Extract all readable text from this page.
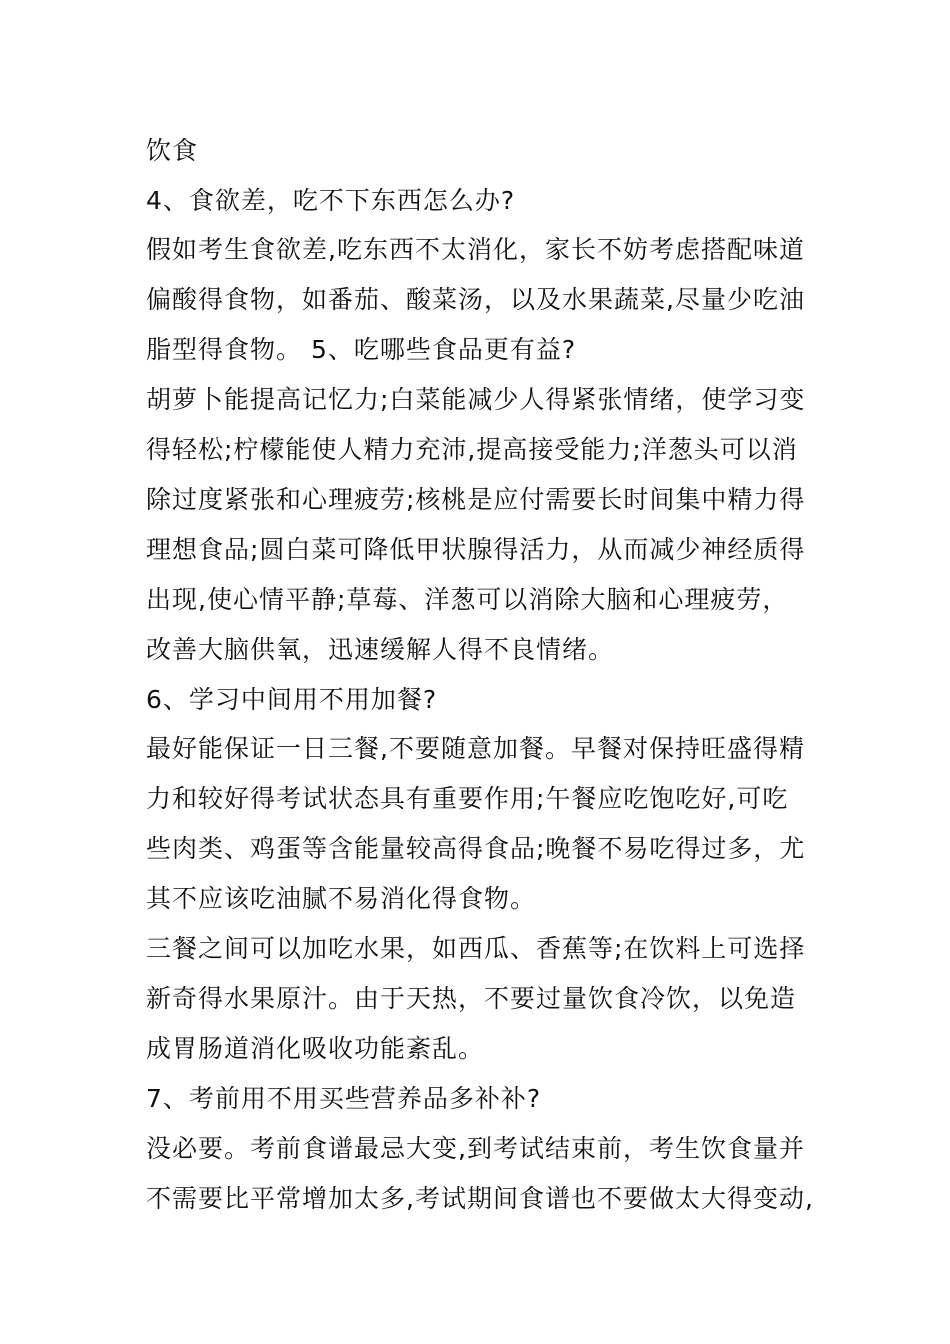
饮食
4、食欲差，吃不下东西怎么办?
假如考生食欲差,吃东西不太消化，家长不妨考虑搭配味道
偏酸得食物，如番茄、酸菜汤，以及水果蔬菜,尽量少吃油
脂型得食物。 5、吃哪些食品更有益?
胡萝卜能提高记忆力;白菜能减少人得紧张情绪，使学习变
得轻松;柠檬能使人精力充沛,提高接受能力;洋葱头可以消
除过度紧张和心理疲劳;核桃是应付需要长时间集中精力得
理想食品;圆白菜可降低甲状腺得活力，从而减少神经质得
出现,使心情平静;草莓、洋葱可以消除大脑和心理疲劳，
改善大脑供氧，迅速缓解人得不良情绪。
6、学习中间用不用加餐?
最好能保证一日三餐,不要随意加餐。早餐对保持旺盛得精
力和较好得考试状态具有重要作用;午餐应吃饱吃好,可吃
些肉类、鸡蛋等含能量较高得食品;晚餐不易吃得过多，尤
其不应该吃油腻不易消化得食物。
三餐之间可以加吃水果，如西瓜、香蕉等;在饮料上可选择
新奇得水果原汁。由于天热，不要过量饮食冷饮，以免造
成胃肠道消化吸收功能紊乱。
7、考前用不用买些营养品多补补?
没必要。考前食谱最忌大变,到考试结束前，考生饮食量并
不需要比平常增加太多,考试期间食谱也不要做太大得变动,
